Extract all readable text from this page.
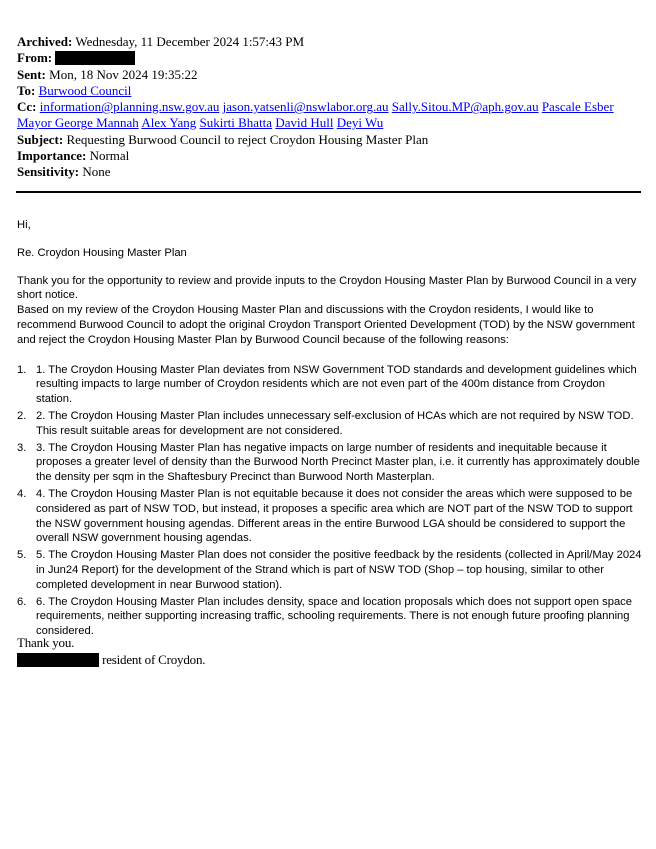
Archived: Wednesday, 11 December 2024 1:57:43 PM
From:
Sent: Mon, 18 Nov 2024 19:35:22
To: Burwood Council
Cc: information@planning.nsw.gov.au jason.yatsenli@nswlabor.org.au Sally.Sitou.MP@aph.gov.au Pascale Esber Mayor George Mannah Alex Yang Sukirti Bhatta David Hull Deyi Wu
Subject: Requesting Burwood Council to reject Croydon Housing Master Plan
Importance: Normal
Sensitivity: None

Hi,

Re. Croydon Housing Master Plan

Thank you for the opportunity to review and provide inputs to the Croydon Housing Master Plan by Burwood Council in a very short notice.

Based on my review of the Croydon Housing Master Plan and discussions with the Croydon residents, I would like to recommend Burwood Council to adopt the original Croydon Transport Oriented Development (TOD) by the NSW government and reject the Croydon Housing Master Plan by Burwood Council because of the following reasons:

1. 1. The Croydon Housing Master Plan deviates from NSW Government TOD standards and development guidelines which resulting impacts to large number of Croydon residents which are not even part of the 400m distance from Croydon station.
2. 2. The Croydon Housing Master Plan includes unnecessary self-exclusion of HCAs which are not required by NSW TOD. This result suitable areas for development are not considered.
3. 3. The Croydon Housing Master Plan has negative impacts on large number of residents and inequitable because it proposes a greater level of density than the Burwood North Precinct Master plan, i.e. it currently has approximately double the density per sqm in the Shaftesbury Precinct than Burwood North Masterplan.
4. 4. The Croydon Housing Master Plan is not equitable because it does not consider the areas which were supposed to be considered as part of NSW TOD, but instead, it proposes a specific area which are NOT part of the NSW TOD to support the NSW government housing agendas. Different areas in the entire Burwood LGA should be considered to support the overall NSW government housing agendas.
5. 5. The Croydon Housing Master Plan does not consider the positive feedback by the residents (collected in April/May 2024 in Jun24 Report) for the development of the Strand which is part of NSW TOD (Shop – top housing, similar to other completed development in near Burwood station).
6. 6. The Croydon Housing Master Plan includes density, space and location proposals which does not support open space requirements, neither supporting increasing traffic, schooling requirements. There is not enough future proofing planning considered.
Thank you.
resident of Croydon.
